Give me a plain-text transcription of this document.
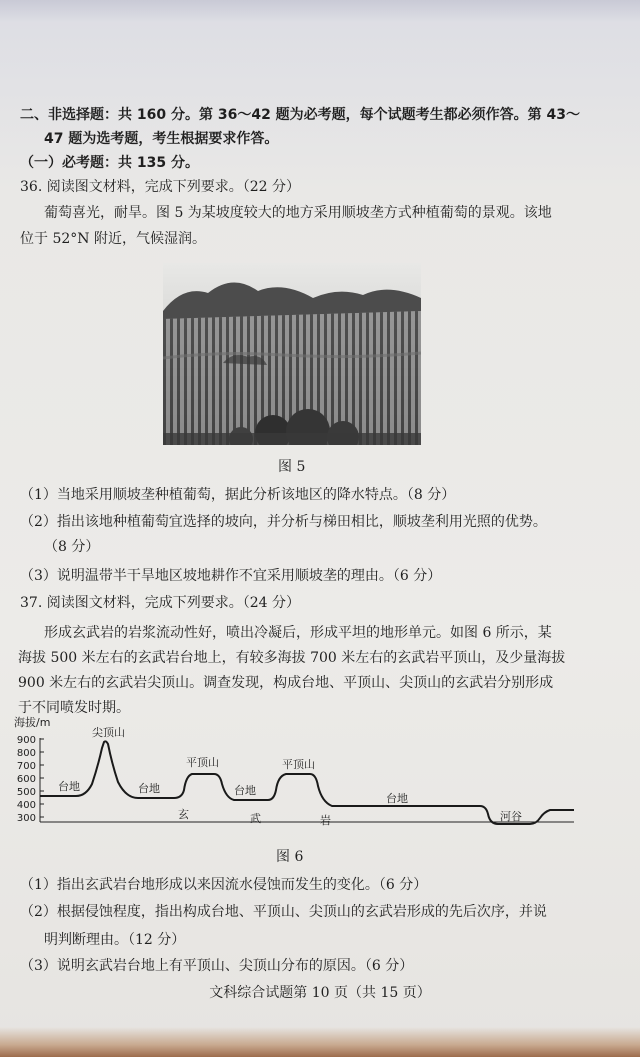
二、非选择题：共 160 分。第 36～42 题为必考题，每个试题考生都必须作答。第 43～
47 题为选考题，考生根据要求作答。
（一）必考题：共 135 分。
36. 阅读图文材料，完成下列要求。（22 分）
葡萄喜光，耐旱。图 5 为某坡度较大的地方采用顺坡垄方式种植葡萄的景观。该地
位于 52°N 附近，气候湿润。
图 5
（1）当地采用顺坡垄种植葡萄，据此分析该地区的降水特点。（8 分）
（2）指出该地种植葡萄宜选择的坡向，并分析与梯田相比，顺坡垄利用光照的优势。
（8 分）
（3）说明温带半干旱地区坡地耕作不宜采用顺坡垄的理由。（6 分）
37. 阅读图文材料，完成下列要求。（24 分）
形成玄武岩的岩浆流动性好，喷出冷凝后，形成平坦的地形单元。如图 6 所示，某
海拔 500 米左右的玄武岩台地上，有较多海拔 700 米左右的玄武岩平顶山，及少量海拔
900 米左右的玄武岩尖顶山。调查发现，构成台地、平顶山、尖顶山的玄武岩分别形成
于不同喷发时期。
海拔/m
900
800
700
600
500
400
300
尖顶山
台地	台地
平顶山
台地
平顶山
台地
河谷
玄	武	岩
图 6
（1）指出玄武岩台地形成以来因流水侵蚀而发生的变化。（6 分）
（2）根据侵蚀程度，指出构成台地、平顶山、尖顶山的玄武岩形成的先后次序，并说
明判断理由。（12 分）
（3）说明玄武岩台地上有平顶山、尖顶山分布的原因。（6 分）
文科综合试题第 10 页（共 15 页）
